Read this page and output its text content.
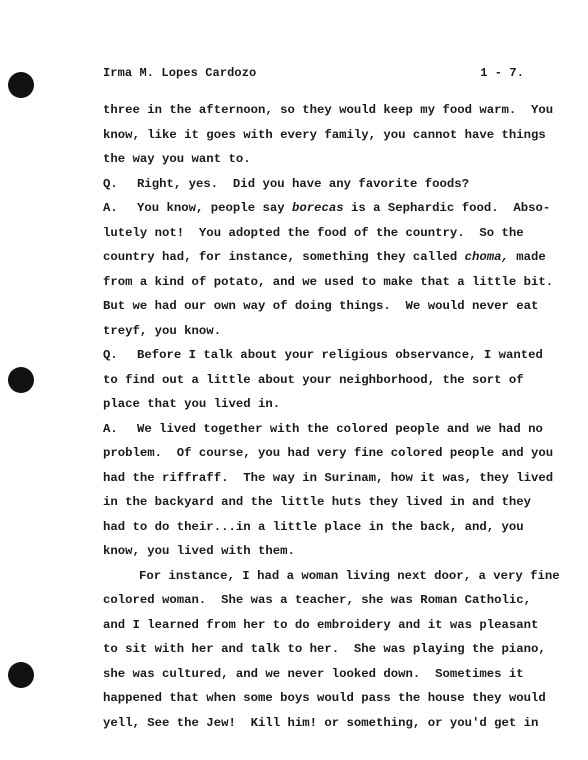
Irma M. Lopes Cardozo	1 - 7.
three in the afternoon, so they would keep my food warm.  You
know, like it goes with every family, you cannot have things
the way you want to.
Q. Right, yes.  Did you have any favorite foods?
A. You know, people say borecas is a Sephardic food.  Abso-
lutely not!  You adopted the food of the country.  So the
country had, for instance, something they called choma, made
from a kind of potato, and we used to make that a little bit.
But we had our own way of doing things.  We would never eat
treyf, you know.
Q. Before I talk about your religious observance, I wanted
to find out a little about your neighborhood, the sort of
place that you lived in.
A. We lived together with the colored people and we had no
problem.  Of course, you had very fine colored people and you
had the riffraff.  The way in Surinam, how it was, they lived
in the backyard and the little huts they lived in and they
had to do their...in a little place in the back, and, you
know, you lived with them.
For instance, I had a woman living next door, a very fine
colored woman.  She was a teacher, she was Roman Catholic,
and I learned from her to do embroidery and it was pleasant
to sit with her and talk to her.  She was playing the piano,
she was cultured, and we never looked down.  Sometimes it
happened that when some boys would pass the house they would
yell, See the Jew!  Kill him! or something, or you'd get in
